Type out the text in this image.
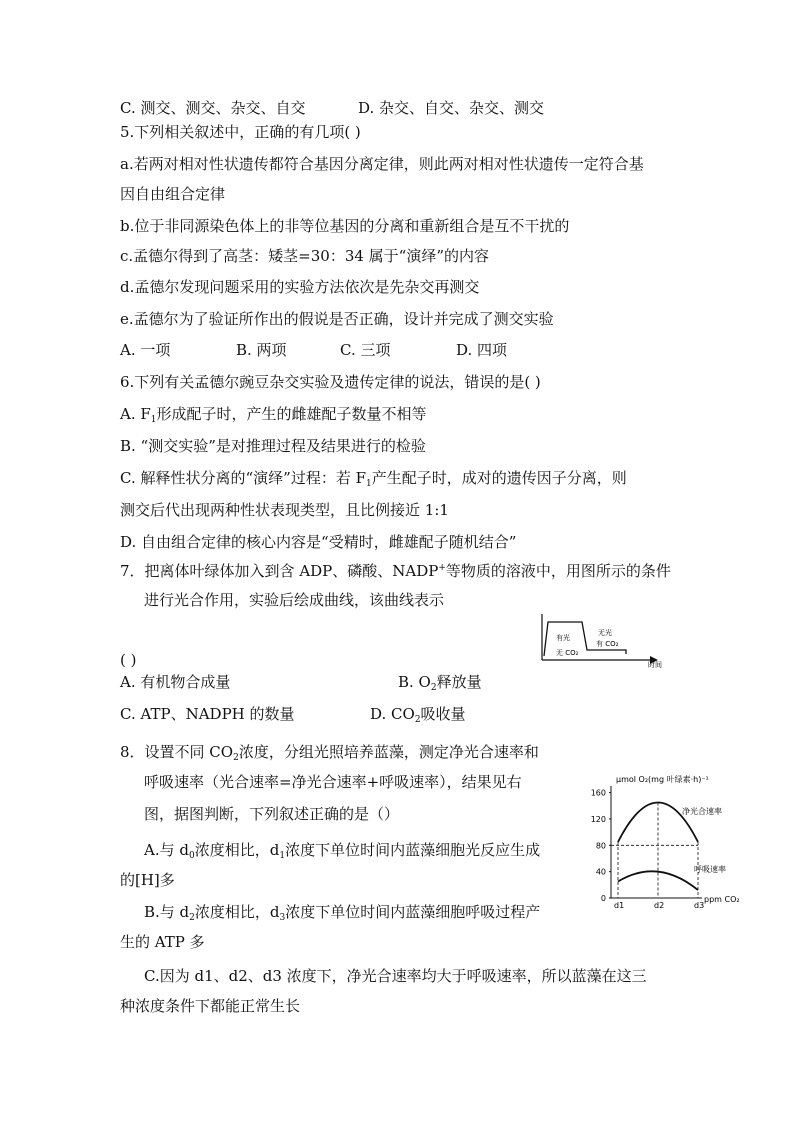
C. 测交、测交、杂交、自交	D. 杂交、自交、杂交、测交
5.下列相关叙述中，正确的有几项( )
a.若两对相对性状遗传都符合基因分离定律，则此两对相对性状遗传一定符合基
因自由组合定律
b.位于非同源染色体上的非等位基因的分离和重新组合是互不干扰的
c.孟德尔得到了高茎：矮茎=30：34 属于“演绎”的内容
d.孟德尔发现问题采用的实验方法依次是先杂交再测交
e.孟德尔为了验证所作出的假说是否正确，设计并完成了测交实验
A. 一项	B. 两项	C. 三项	D. 四项
6.下列有关孟德尔豌豆杂交实验及遗传定律的说法，错误的是( )
A. $F_1$形成配子时，产生的雌雄配子数量不相等
B. “测交实验”是对推理过程及结果进行的检验
C. 解释性状分离的“演绎”过程：若 $F_1$产生配子时，成对的遗传因子分离，则
测交后代出现两种性状表现类型，且比例接近 1:1
D. 自由组合定律的核心内容是“受精时，雌雄配子随机结合”
7．把离体叶绿体加入到含 ADP、磷酸、NADP+等物质的溶液中，用图所示的条件
进行光合作用，实验后绘成曲线，该曲线表示
( )
有光
无 CO₂
无光
有 CO₂
时间
A. 有机物合成量	B. $O_2$释放量
C. ATP、NADPH 的数量	D. $CO_2$吸收量
8．设置不同 $CO_2$浓度，分组光照培养蓝藻，测定净光合速率和
呼吸速率（光合速率=净光合速率+呼吸速率），结果见右
图，据图判断，下列叙述正确的是（）
A.与 $d_0$浓度相比，$d_1$浓度下单位时间内蓝藻细胞光反应生成
的[H]多
B.与 $d_2$浓度相比，$d_3$浓度下单位时间内蓝藻细胞呼吸过程产
生的 ATP 多
C.因为 d1、d2、d3 浓度下，净光合速率均大于呼吸速率，所以蓝藻在这三
种浓度条件下都能正常生长
μmol O₂(mg 叶绿素·h)⁻¹
ppm CO₂
0
40
80
120
160
d1	d2	d3
净光合速率
呼吸速率
